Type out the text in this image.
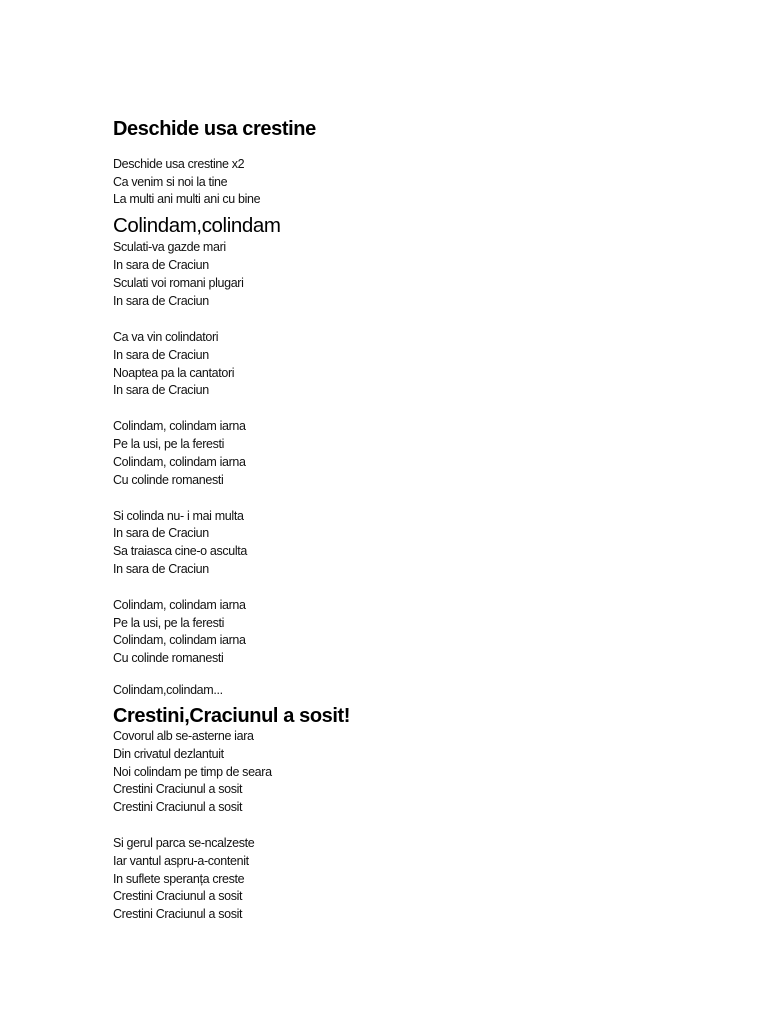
Deschide usa crestine
Deschide usa crestine x2
Ca venim si noi la tine
La multi ani multi ani cu bine
Colindam,colindam
Sculati-va gazde mari
In sara de Craciun
Sculati voi romani plugari
In sara de Craciun
Ca va vin colindatori
In sara de Craciun
Noaptea pa la cantatori
In sara de Craciun
Colindam, colindam iarna
Pe la usi, pe la feresti
Colindam, colindam iarna
Cu colinde romanesti
Si colinda nu- i mai multa
In sara de Craciun
Sa traiasca cine-o asculta
In sara de Craciun
Colindam, colindam iarna
Pe la usi, pe la feresti
Colindam, colindam iarna
Cu colinde romanesti
Colindam,colindam...
Crestini,Craciunul a sosit!
Covorul alb se-asterne iara
Din crivatul dezlantuit
Noi colindam pe timp de seara
Crestini Craciunul a sosit
Crestini Craciunul a sosit
Si gerul parca se-ncalzeste
Iar vantul aspru-a-contenit
In suflete speranța creste
Crestini Craciunul a sosit
Crestini Craciunul a sosit
